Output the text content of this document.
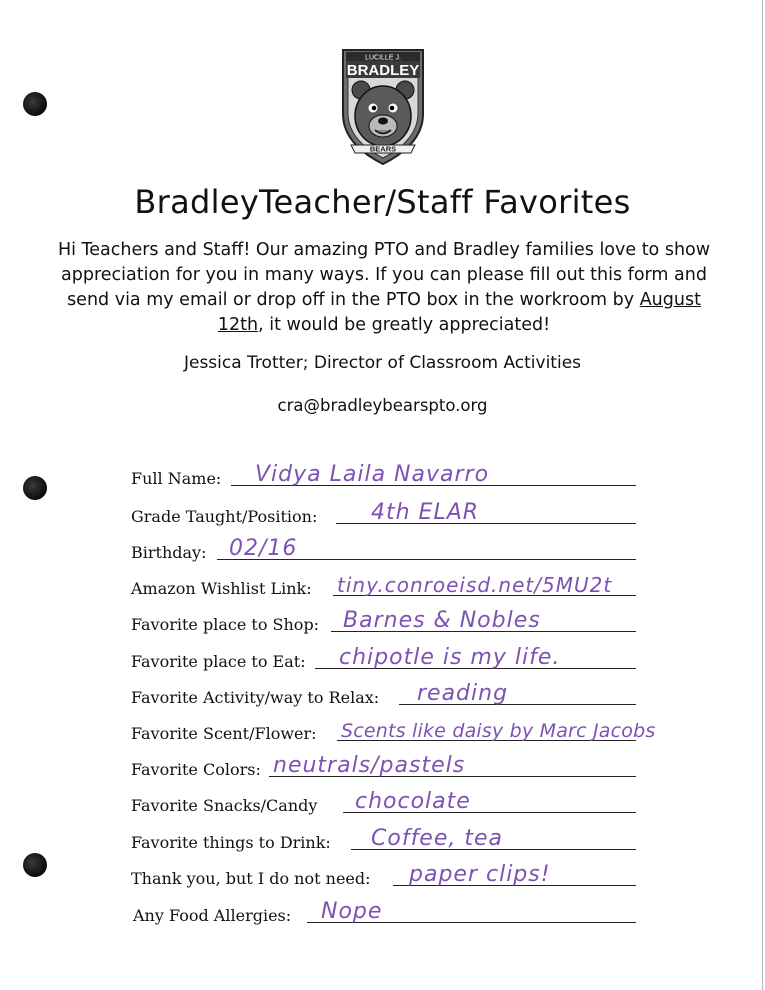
LUCILLE J.
BRADLEY
BEARS
BradleyTeacher/Staff Favorites
Hi Teachers and Staff! Our amazing PTO and Bradley families love to show appreciation for you in many ways. If you can please fill out this form and send via my email or drop off in the PTO box in the workroom by August 12th, it would be greatly appreciated!
Jessica Trotter; Director of Classroom Activities
cra@bradleybearspto.org
Full Name: Vidya Laila Navarro
Grade Taught/Position: 4th ELAR
Birthday: 02/16
Amazon Wishlist Link: tiny.conroeisd.net/5MU2t
Favorite place to Shop: Barnes & Nobles
Favorite place to Eat: chipotle is my life.
Favorite Activity/way to Relax: reading
Favorite Scent/Flower: Scents like daisy by Marc Jacobs
Favorite Colors: neutrals/pastels
Favorite Snacks/Candy chocolate
Favorite things to Drink: Coffee, tea
Thank you, but I do not need: paper clips!
Any Food Allergies: Nope
